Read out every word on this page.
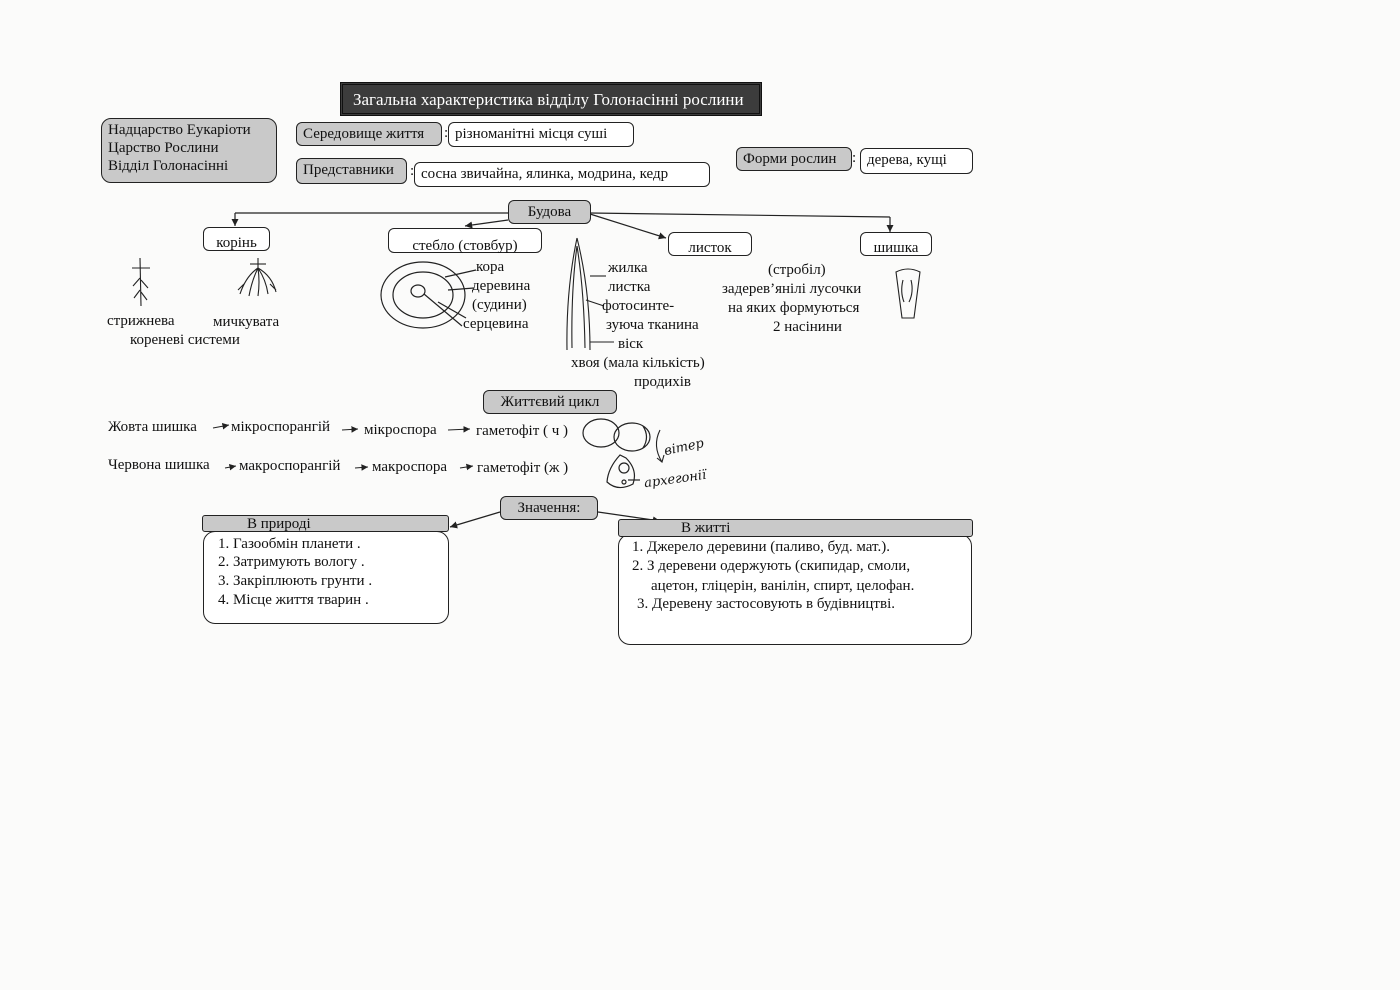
Загальна характеристика відділу Голонасінні рослини
Надцарство Еукаріоти
Царство Рослини
Відділ Голонасінні
Середовище життя	: різноманітні місця суші
Представники	: сосна звичайна, ялинка, модрина, кедр
Форми рослин	: дерева, кущі
Будова
корінь
стрижнева	мичкувата
кореневі системи
стебло (стовбур)
кора
деревина
(судини)
серцевина
листок
жилка
листка
фотосинте-
зуюча тканина
віск
хвоя (мала кількість)
продихів
шишка
(стробіл)
задерев’янілі лусочки
на яких формуються
2 насінини
Життєвий цикл
Жовта шишка мікроспорангій мікроспора	гаметофіт ( ч )
Червона шишка макроспорангій макроспора гаметофіт (ж )
вітер
архегонії
Значення:
В природі
1. Газообмін планети .
2. Затримують вологу .
3. Закріплюють грунти .
4. Місце життя тварин .
В житті
1. Джерело деревини (паливо, буд. мат.).
2. З деревени одержують (скипидар, смоли,
ацетон, гліцерін, ванілін, спирт, целофан.
3. Деревену застосовують в будівництві.
